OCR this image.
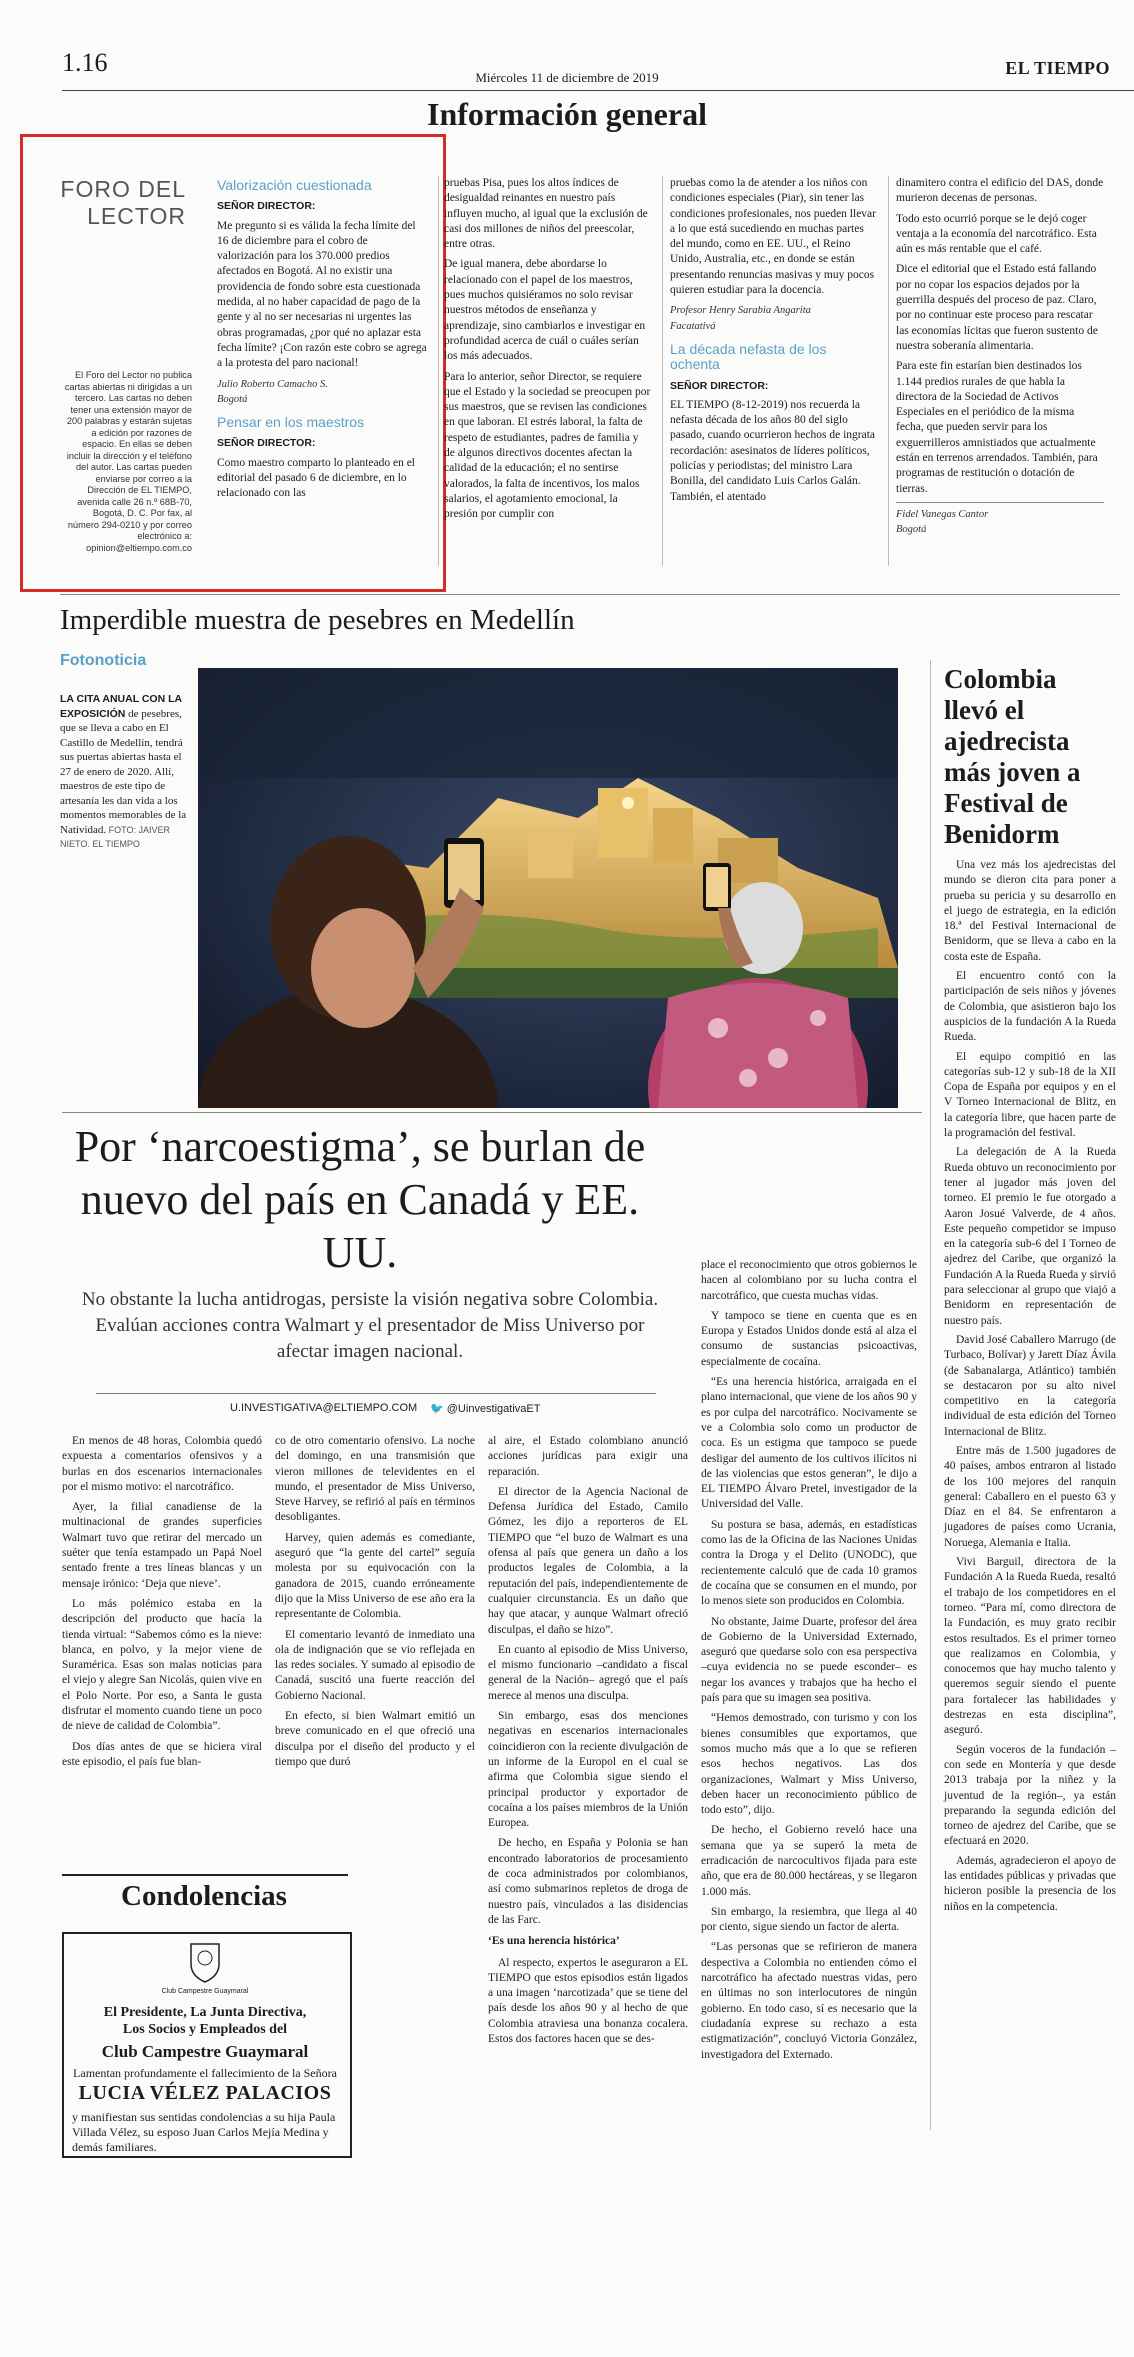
1.16
Miércoles 11 de diciembre de 2019	EL TIEMPO
Información general
FORO DEL LECTOR
El Foro del Lector no publica cartas abiertas ni dirigidas a un tercero. Las cartas no deben tener una extensión mayor de 200 palabras y estarán sujetas a edición por razones de espacio. En ellas se deben incluir la dirección y el teléfono del autor. Las cartas pueden enviarse por correo a la Dirección de EL TIEMPO, avenida calle 26 n.º 68B-70, Bogotá, D. C. Por fax, al número 294-0210 y por correo electrónico a: opinion@eltiempo.com.co
Valorización cuestionada
SEÑOR DIRECTOR:

Me pregunto si es válida la fecha límite del 16 de diciembre para el cobro de valorización para los 370.000 predios afectados en Bogotá. Al no existir una providencia de fondo sobre esta cuestionada medida, al no haber capacidad de pago de la gente y al no ser necesarias ni urgentes las obras programadas, ¿por qué no aplazar esta fecha límite? ¡Con razón este cobro se agrega a la protesta del paro nacional!

Julio Roberto Camacho S.
Bogotá

Pensar en los maestros
SEÑOR DIRECTOR:

Como maestro comparto lo planteado en el editorial del pasado 6 de diciembre, en lo relacionado con las

pruebas Pisa, pues los altos índices de desigualdad reinantes en nuestro país influyen mucho, al igual que la exclusión de casi dos millones de niños del preescolar, entre otras.

De igual manera, debe abordarse lo relacionado con el papel de los maestros, pues muchos quisiéramos no solo revisar nuestros métodos de enseñanza y aprendizaje, sino cambiarlos e investigar en profundidad acerca de cuál o cuáles serían los más adecuados.

Para lo anterior, señor Director, se requiere que el Estado y la sociedad se preocupen por sus maestros, que se revisen las condiciones en que laboran. El estrés laboral, la falta de respeto de estudiantes, padres de familia y de algunos directivos docentes afectan la calidad de la educación; el no sentirse valorados, la falta de incentivos, los malos salarios, el agotamiento emocional, la presión por cumplir con

pruebas como la de atender a los niños con condiciones especiales (Piar), sin tener las condiciones profesionales, nos pueden llevar a lo que está sucediendo en muchas partes del mundo, como en EE. UU., el Reino Unido, Australia, etc., en donde se están presentando renuncias masivas y muy pocos quieren estudiar para la docencia.

Profesor Henry Sarabia Angarita
Facatativá

La década nefasta de los ochenta
SEÑOR DIRECTOR:

EL TIEMPO (8-12-2019) nos recuerda la nefasta década de los años 80 del siglo pasado, cuando ocurrieron hechos de ingrata recordación: asesinatos de líderes políticos, policías y periodistas; del ministro Lara Bonilla, del candidato Luis Carlos Galán. También, el atentado

dinamitero contra el edificio del DAS, donde murieron decenas de personas.

Todo esto ocurrió porque se le dejó coger ventaja a la economía del narcotráfico. Esta aún es más rentable que el café.

Dice el editorial que el Estado está fallando por no copar los espacios dejados por la guerrilla después del proceso de paz. Claro, por no continuar este proceso para rescatar las economías lícitas que fueron sustento de nuestra soberanía alimentaria.

Para este fin estarían bien destinados los 1.144 predios rurales de que habla la directora de la Sociedad de Activos Especiales en el periódico de la misma fecha, que pueden servir para los exguerrilleros amnistiados que actualmente están en terrenos arrendados. También, para programas de restitución o dotación de tierras.

Fidel Vanegas Cantor
Bogotá

Imperdible muestra de pesebres en Medellín
Fotonoticia
LA CITA ANUAL CON LA EXPOSICIÓN de pesebres, que se lleva a cabo en El Castillo de Medellín, tendrá sus puertas abiertas hasta el 27 de enero de 2020. Allí, maestros de este tipo de artesanía les dan vida a los momentos memorables de la Natividad. FOTO: JAIVER NIETO. EL TIEMPO
Colombia llevó el ajedrecista más joven a Festival de Benidorm

Una vez más los ajedrecistas del mundo se dieron cita para poner a prueba su pericia y su desarrollo en el juego de estrategia, en la edición 18.ª del Festival Internacional de Benidorm, que se lleva a cabo en la costa este de España.

El encuentro contó con la participación de seis niños y jóvenes de Colombia, que asistieron bajo los auspicios de la fundación A la Rueda Rueda.

El equipo compitió en las categorías sub-12 y sub-18 de la XII Copa de España por equipos y en el V Torneo Internacional de Blitz, en la categoría libre, que hacen parte de la programación del festival.

La delegación de A la Rueda Rueda obtuvo un reconocimiento por tener al jugador más joven del torneo. El premio le fue otorgado a Aaron Josué Valverde, de 4 años. Este pequeño competidor se impuso en la categoría sub-6 del I Torneo de ajedrez del Caribe, que organizó la Fundación A la Rueda Rueda y sirvió para seleccionar al grupo que viajó a Benidorm en representación de nuestro país.

David José Caballero Marrugo (de Turbaco, Bolívar) y Jarett Díaz Ávila (de Sabanalarga, Atlántico) también se destacaron por su alto nivel competitivo en la categoría individual de esta edición del Torneo Internacional de Blitz.

Entre más de 1.500 jugadores de 40 países, ambos entraron al listado de los 100 mejores del ranquin general: Caballero en el puesto 63 y Díaz en el 84. Se enfrentaron a jugadores de países como Ucrania, Noruega, Alemania e Italia.

Vivi Barguil, directora de la Fundación A la Rueda Rueda, resaltó el trabajo de los competidores en el torneo. “Para mí, como directora de la Fundación, es muy grato recibir estos resultados. Es el primer torneo que realizamos en Colombia, y conocemos que hay mucho talento y queremos seguir siendo el puente para fortalecer las habilidades y destrezas en esta disciplina”, aseguró.

Según voceros de la fundación –con sede en Montería y que desde 2013 trabaja por la niñez y la juventud de la región–, ya están preparando la segunda edición del torneo de ajedrez del Caribe, que se efectuará en 2020.

Además, agradecieron el apoyo de las entidades públicas y privadas que hicieron posible la presencia de los niños en la competencia.

Por ‘narcoestigma’, se burlan de nuevo del país en Canadá y EE. UU.
No obstante la lucha antidrogas, persiste la visión negativa sobre Colombia. Evalúan acciones contra Walmart y el presentador de Miss Universo por afectar imagen nacional.
U.INVESTIGATIVA@ELTIEMPO.COM 🐦 @UinvestigativaET

En menos de 48 horas, Colombia quedó expuesta a comentarios ofensivos y a burlas en dos escenarios internacionales por el mismo motivo: el narcotráfico.

Ayer, la filial canadiense de la multinacional de grandes superficies Walmart tuvo que retirar del mercado un suéter que tenía estampado un Papá Noel sentado frente a tres líneas blancas y un mensaje irónico: ‘Deja que nieve’.

Lo más polémico estaba en la descripción del producto que hacía la tienda virtual: “Sabemos cómo es la nieve: blanca, en polvo, y la mejor viene de Suramérica. Esas son malas noticias para el viejo y alegre San Nicolás, quien vive en el Polo Norte. Por eso, a Santa le gusta disfrutar el momento cuando tiene un poco de nieve de calidad de Colombia”.

Dos días antes de que se hiciera viral este episodio, el país fue blan-

co de otro comentario ofensivo. La noche del domingo, en una transmisión que vieron millones de televidentes en el mundo, el presentador de Miss Universo, Steve Harvey, se refirió al país en términos desobligantes.

Harvey, quien además es comediante, aseguró que “la gente del cartel” seguía molesta por su equivocación con la ganadora de 2015, cuando erróneamente dijo que la Miss Universo de ese año era la representante de Colombia.

El comentario levantó de inmediato una ola de indignación que se vio reflejada en las redes sociales. Y sumado al episodio de Canadá, suscitó una fuerte reacción del Gobierno Nacional.

En efecto, si bien Walmart emitió un breve comunicado en el que ofreció una disculpa por el diseño del producto y el tiempo que duró

al aire, el Estado colombiano anunció acciones jurídicas para exigir una reparación.

El director de la Agencia Nacional de Defensa Jurídica del Estado, Camilo Gómez, les dijo a reporteros de EL TIEMPO que “el buzo de Walmart es una ofensa al país que genera un daño a los productos legales de Colombia, a la reputación del país, independientemente de cualquier circunstancia. Es un daño que hay que atacar, y aunque Walmart ofreció disculpas, el daño se hizo”.

En cuanto al episodio de Miss Universo, el mismo funcionario –candidato a fiscal general de la Nación– agregó que el país merece al menos una disculpa.

Sin embargo, esas dos menciones negativas en escenarios internacionales coincidieron con la reciente divulgación de un informe de la Europol en el cual se afirma que Colombia sigue siendo el principal productor y exportador de cocaína a los países miembros de la Unión Europea.

De hecho, en España y Polonia se han encontrado laboratorios de procesamiento de coca administrados por colombianos, así como submarinos repletos de droga de nuestro país, vinculados a las disidencias de las Farc.

‘Es una herencia histórica’

Al respecto, expertos le aseguraron a EL TIEMPO que estos episodios están ligados a una imagen ‘narcotizada’ que se tiene del país desde los años 90 y al hecho de que Colombia atraviesa una bonanza cocalera. Estos dos factores hacen que se des-

place el reconocimiento que otros gobiernos le hacen al colombiano por su lucha contra el narcotráfico, que cuesta muchas vidas.

Y tampoco se tiene en cuenta que es en Europa y Estados Unidos donde está al alza el consumo de sustancias psicoactivas, especialmente de cocaína.

“Es una herencia histórica, arraigada en el plano internacional, que viene de los años 90 y es por culpa del narcotráfico. Nocivamente se ve a Colombia solo como un productor de coca. Es un estigma que tampoco se puede desligar del aumento de los cultivos ilícitos ni de las violencias que estos generan”, le dijo a EL TIEMPO Álvaro Pretel, investigador de la Universidad del Valle.

Su postura se basa, además, en estadísticas como las de la Oficina de las Naciones Unidas contra la Droga y el Delito (UNODC), que recientemente calculó que de cada 10 gramos de cocaína que se consumen en el mundo, por lo menos siete son producidos en Colombia.

No obstante, Jaime Duarte, profesor del área de Gobierno de la Universidad Externado, aseguró que quedarse solo con esa perspectiva –cuya evidencia no se puede esconder– es negar los avances y trabajos que ha hecho el país para que su imagen sea positiva.

“Hemos demostrado, con turismo y con los bienes consumibles que exportamos, que somos mucho más que a lo que se refieren esos hechos negativos. Las dos organizaciones, Walmart y Miss Universo, deben hacer un reconocimiento público de todo esto”, dijo.

De hecho, el Gobierno reveló hace una semana que ya se superó la meta de erradicación de narcocultivos fijada para este año, que era de 80.000 hectáreas, y se llegaron 1.000 más.

Sin embargo, la resiembra, que llega al 40 por ciento, sigue siendo un factor de alerta.

“Las personas que se refirieron de manera despectiva a Colombia no entienden cómo el narcotráfico ha afectado nuestras vidas, pero en últimas no son interlocutores de ningún gobierno. En todo caso, sí es necesario que la ciudadanía exprese su rechazo a esta estigmatización”, concluyó Victoria González, investigadora del Externado.

Condolencias
Club Campestre Guaymaral
El Presidente, La Junta Directiva,
Los Socios y Empleados del
Club Campestre Guaymaral
Lamentan profundamente el fallecimiento de la Señora
LUCIA VÉLEZ PALACIOS
y manifiestan sus sentidas condolencias a su hija Paula Villada Vélez, su esposo Juan Carlos Mejía Medina y demás familiares.
